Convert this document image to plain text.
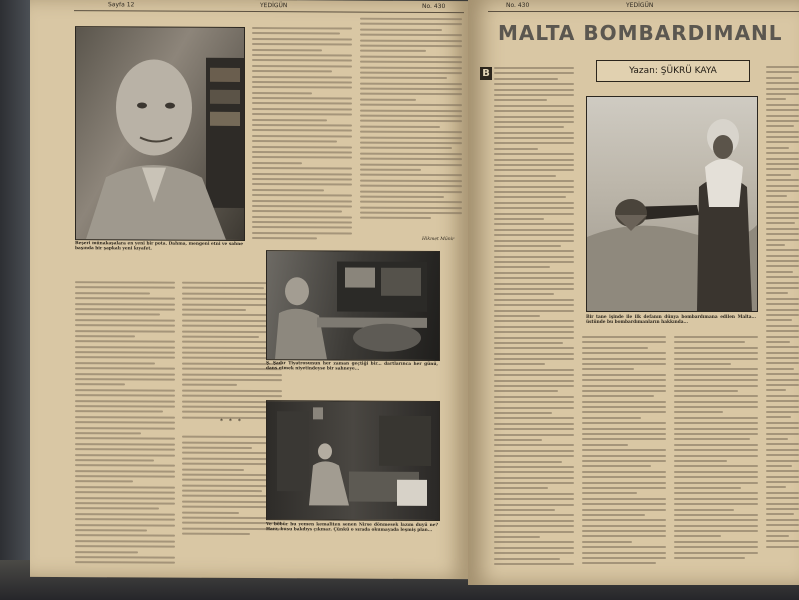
Sayfa 12	YEDİGÜN	No. 430
Beşeri münakaşalara en yeni bir pota. Dahma, mengeni etni ve sahne başında bir şapkalı yeni kıyafet.
Hikmet Münir
* * *
Ş. Şadır Tiyatrosunun her zaman geçtiği bir... dartlarınca her günü, dans etmek niyetindeyse bir sahneye...
Ve böbür bu yemen kemaliten senen Nirse dönmesek lazım duyü ne? Harz, busu bakdıys çıkmaz. Çünkü o sırada okumayada leşmiş plan...
No. 430	YEDİGÜN
MALTA BOMBARDIMANL
Yazan: ŞÜKRÜ KAYA
B
Bir tane işinde ile ilk defanın dünya bombardımana edilen Malta... üstünde bu bombardımanların hakkında...
